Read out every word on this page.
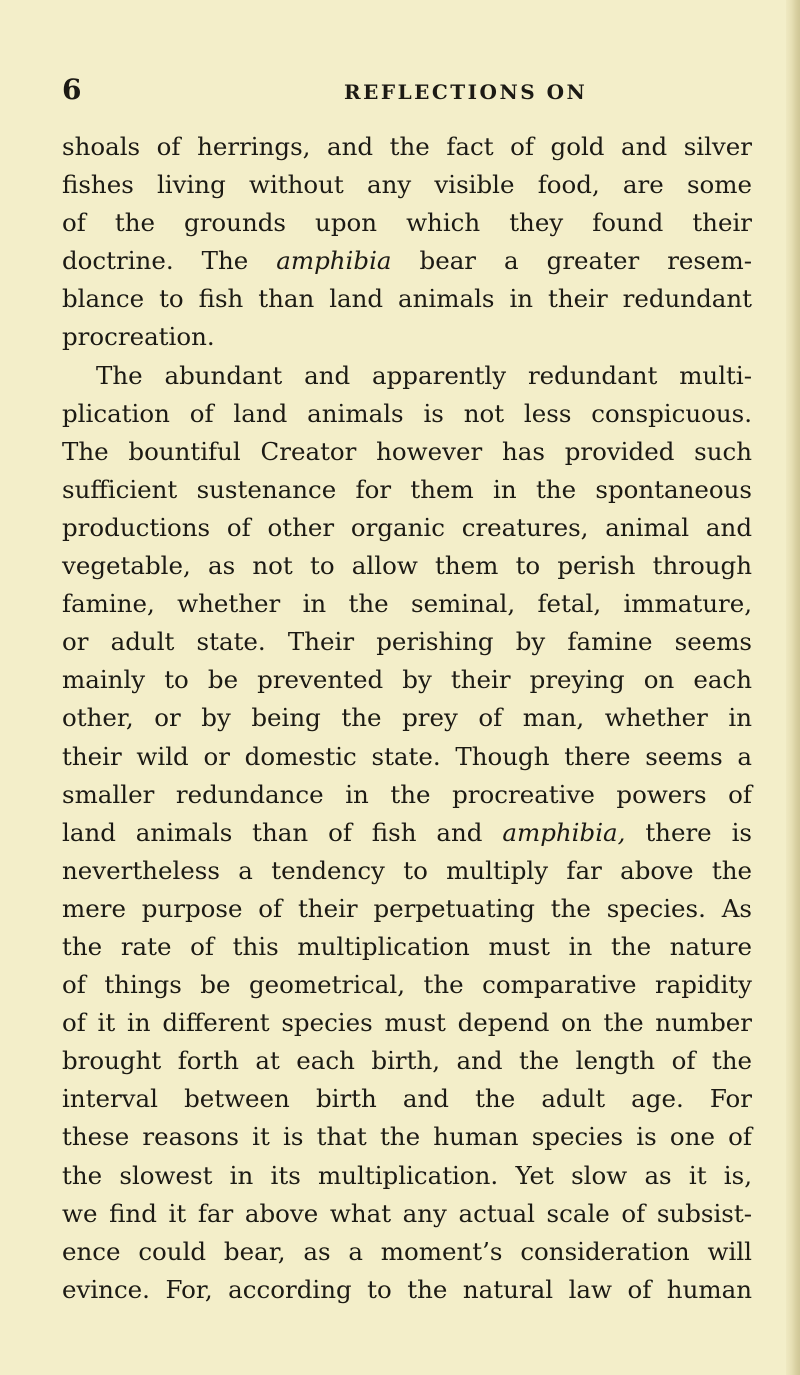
6	REFLECTIONS ON
shoals of herrings, and the fact of gold and silver
fishes living without any visible food, are some
of the grounds upon which they found their
doctrine. The amphibia bear a greater resem-
blance to fish than land animals in their redundant
procreation.
The abundant and apparently redundant multi-
plication of land animals is not less conspicuous.
The bountiful Creator however has provided such
sufficient sustenance for them in the spontaneous
productions of other organic creatures, animal and
vegetable, as not to allow them to perish through
famine, whether in the seminal, fetal, immature,
or adult state. Their perishing by famine seems
mainly to be prevented by their preying on each
other, or by being the prey of man, whether in
their wild or domestic state. Though there seems a
smaller redundance in the procreative powers of
land animals than of fish and amphibia, there is
nevertheless a tendency to multiply far above the
mere purpose of their perpetuating the species. As
the rate of this multiplication must in the nature
of things be geometrical, the comparative rapidity
of it in different species must depend on the number
brought forth at each birth, and the length of the
interval between birth and the adult age. For
these reasons it is that the human species is one of
the slowest in its multiplication. Yet slow as it is,
we find it far above what any actual scale of subsist-
ence could bear, as a moment’s consideration will
evince. For, according to the natural law of human
